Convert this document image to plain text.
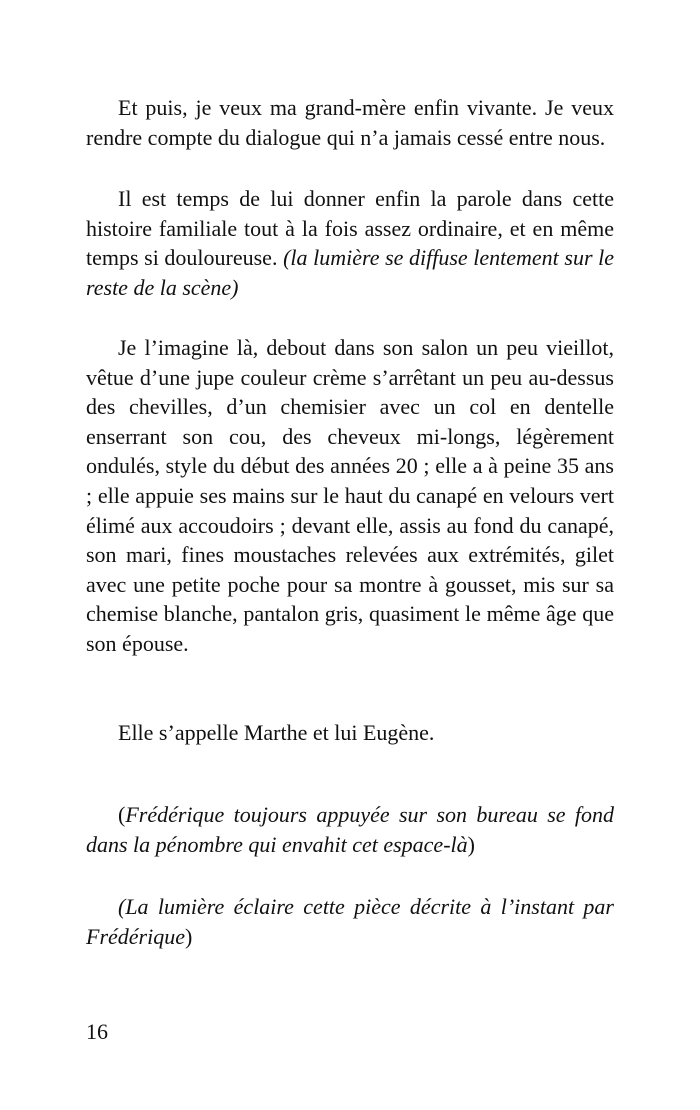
Et puis, je veux ma grand-mère enfin vivante. Je veux rendre compte du dialogue qui n’a jamais cessé entre nous.

Il est temps de lui donner enfin la parole dans cette histoire familiale tout à la fois assez ordinaire, et en même temps si douloureuse. (la lumière se diffuse lentement sur le reste de la scène)

Je l’imagine là, debout dans son salon un peu vieillot, vêtue d’une jupe couleur crème s’arrêtant un peu au-dessus des chevilles, d’un chemisier avec un col en dentelle enserrant son cou, des cheveux mi-longs, légèrement ondulés, style du début des années 20 ; elle a à peine 35 ans ; elle appuie ses mains sur le haut du canapé en velours vert élimé aux accoudoirs ; devant elle, assis au fond du canapé, son mari, fines moustaches relevées aux extrémités, gilet avec une petite poche pour sa montre à gousset, mis sur sa chemise blanche, pantalon gris, quasiment le même âge que son épouse.

Elle s’appelle Marthe et lui Eugène.

(Frédérique toujours appuyée sur son bureau se fond dans la pénombre qui envahit cet espace-là)

(La lumière éclaire cette pièce décrite à l’instant par Frédérique)

16
